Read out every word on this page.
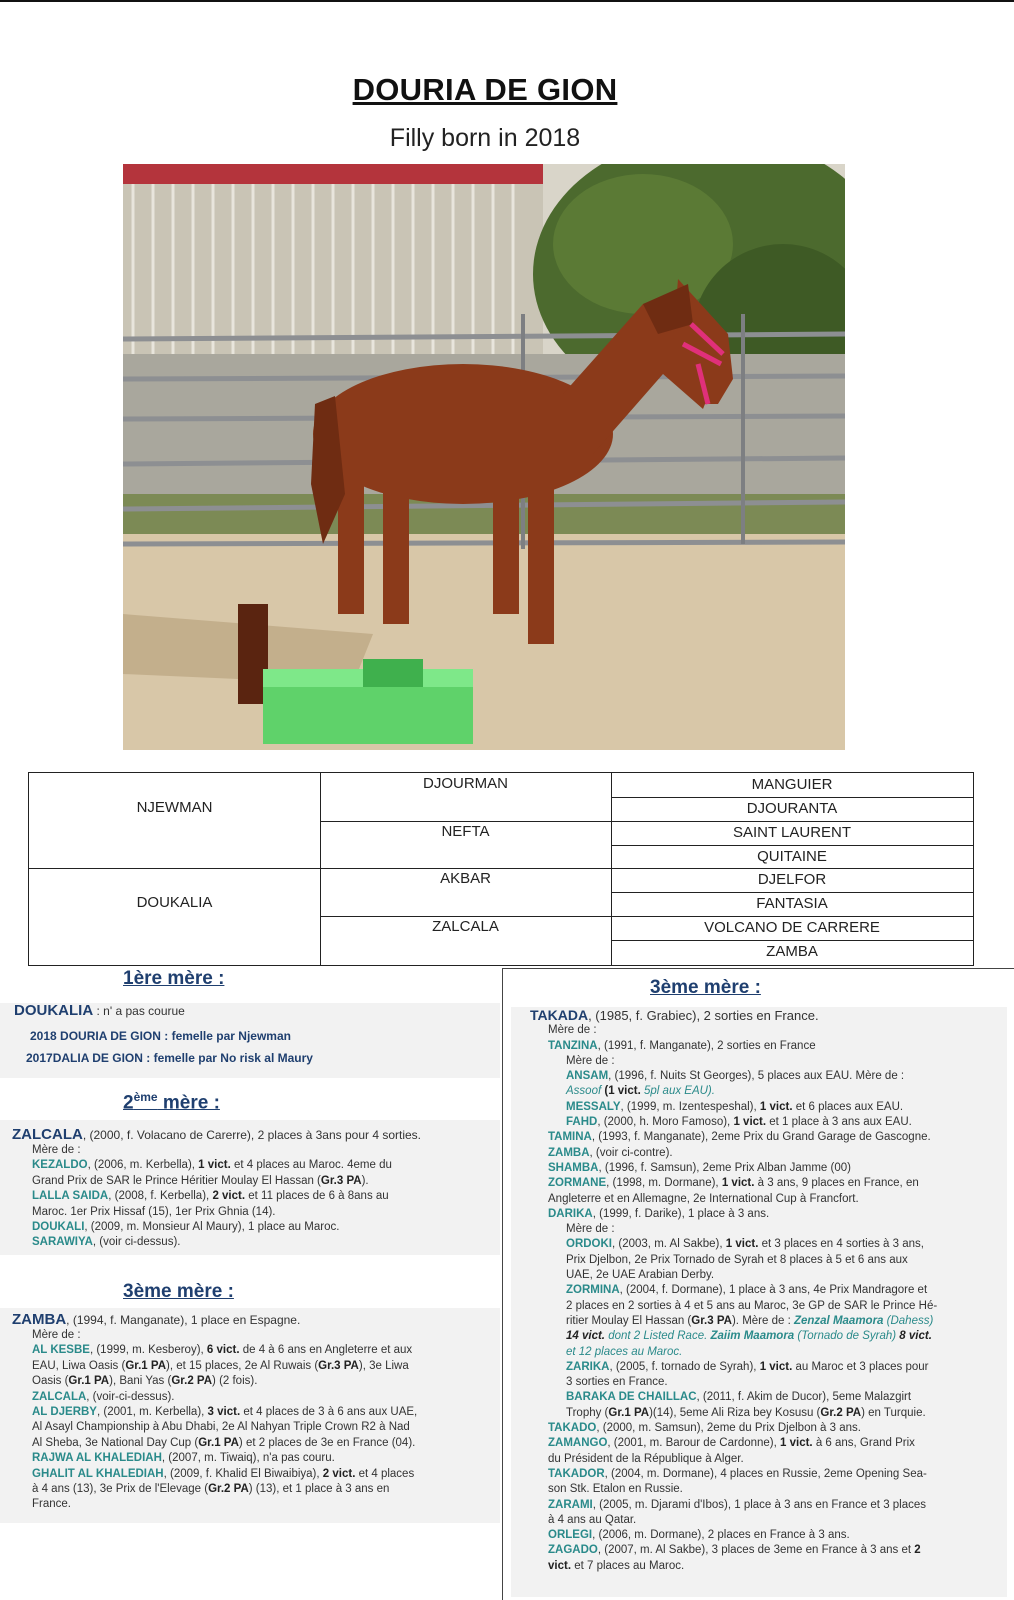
DOURIA DE GION
Filly born in 2018
NJEWMAN
DOUKALIA
DJOURMAN
NEFTA
AKBAR
ZALCALA
MANGUIER
DJOURANTA
SAINT LAURENT
QUITAINE
DJELFOR
FANTASIA
VOLCANO DE CARRERE
ZAMBA
1ère mère :
DOUKALIA : n' a pas courue
2018 DOURIA DE GION : femelle par Njewman
2017DALIA DE GION : femelle par No risk al Maury
2ème mère :
ZALCALA, (2000, f. Volacano de Carerre), 2 places à 3ans pour 4 sorties.
Mère de :
KEZALDO, (2006, m. Kerbella), 1 vict. et 4 places au Maroc. 4eme du
Grand Prix de SAR le Prince Héritier Moulay El Hassan (Gr.3 PA).
LALLA SAIDA, (2008, f. Kerbella), 2 vict. et 11 places de 6 à 8ans au
Maroc. 1er Prix Hissaf (15), 1er Prix Ghnia (14).
DOUKALI, (2009, m. Monsieur Al Maury), 1 place au Maroc.
SARAWIYA, (voir ci-dessus).
3ème mère :
ZAMBA, (1994, f. Manganate), 1 place en Espagne.
Mère de :
AL KESBE, (1999, m. Kesberoy), 6 vict. de 4 à 6 ans en Angleterre et aux
EAU, Liwa Oasis (Gr.1 PA), et 15 places, 2e Al Ruwais (Gr.3 PA), 3e Liwa
Oasis (Gr.1 PA), Bani Yas (Gr.2 PA) (2 fois).
ZALCALA, (voir-ci-dessus).
AL DJERBY, (2001, m. Kerbella), 3 vict. et 4 places de 3 à 6 ans aux UAE,
Al Asayl Championship à Abu Dhabi, 2e Al Nahyan Triple Crown R2 à Nad
Al Sheba, 3e National Day Cup (Gr.1 PA) et 2 places de 3e en France (04).
RAJWA AL KHALEDIAH, (2007, m. Tiwaiq), n'a pas couru.
GHALIT AL KHALEDIAH, (2009, f. Khalid El Biwaibiya), 2 vict. et 4 places
à 4 ans (13), 3e Prix de l'Elevage (Gr.2 PA) (13), et 1 place à 3 ans en
France.
3ème mère :
TAKADA, (1985, f. Grabiec), 2 sorties en France.
Mère de :
TANZINA, (1991, f. Manganate), 2 sorties en France
Mère de :
ANSAM, (1996, f. Nuits St Georges), 5 places aux EAU. Mère de :
Assoof (1 vict. 5pl aux EAU).
MESSALY, (1999, m. Izentespeshal), 1 vict. et 6 places aux EAU.
FAHD, (2000, h. Moro Famoso), 1 vict. et 1 place à 3 ans aux EAU.
TAMINA, (1993, f. Manganate), 2eme Prix du Grand Garage de Gascogne.
ZAMBA, (voir ci-contre).
SHAMBA, (1996, f. Samsun), 2eme Prix Alban Jamme (00)
ZORMANE, (1998, m. Dormane), 1 vict. à 3 ans, 9 places en France, en
Angleterre et en Allemagne, 2e International Cup à Francfort.
DARIKA, (1999, f. Darike), 1 place à 3 ans.
Mère de :
ORDOKI, (2003, m. Al Sakbe), 1 vict. et 3 places en 4 sorties à 3 ans,
Prix Djelbon, 2e Prix Tornado de Syrah et 8 places à 5 et 6 ans aux
UAE, 2e UAE Arabian Derby.
ZORMINA, (2004, f. Dormane), 1 place à 3 ans, 4e Prix Mandragore et
2 places en 2 sorties à 4 et 5 ans au Maroc, 3e GP de SAR le Prince Hé-
ritier Moulay El Hassan (Gr.3 PA). Mère de : Zenzal Maamora (Dahess)
14 vict. dont 2 Listed Race. Zaiim Maamora (Tornado de Syrah) 8 vict.
et 12 places au Maroc.
ZARIKA, (2005, f. tornado de Syrah), 1 vict. au Maroc et 3 places pour
3 sorties en France.
BARAKA DE CHAILLAC, (2011, f. Akim de Ducor), 5eme Malazgirt
Trophy (Gr.1 PA)(14), 5eme Ali Riza bey Kosusu (Gr.2 PA) en Turquie.
TAKADO, (2000, m. Samsun), 2eme du Prix Djelbon à 3 ans.
ZAMANGO, (2001, m. Barour de Cardonne), 1 vict. à 6 ans, Grand Prix
du Président de la République à Alger.
TAKADOR, (2004, m. Dormane), 4 places en Russie, 2eme Opening Sea-
son Stk. Etalon en Russie.
ZARAMI, (2005, m. Djarami d'Ibos), 1 place à 3 ans en France et 3 places
à 4 ans au Qatar.
ORLEGI, (2006, m. Dormane), 2 places en France à 3 ans.
ZAGADO, (2007, m. Al Sakbe), 3 places de 3eme en France à 3 ans et 2
vict. et 7 places au Maroc.
